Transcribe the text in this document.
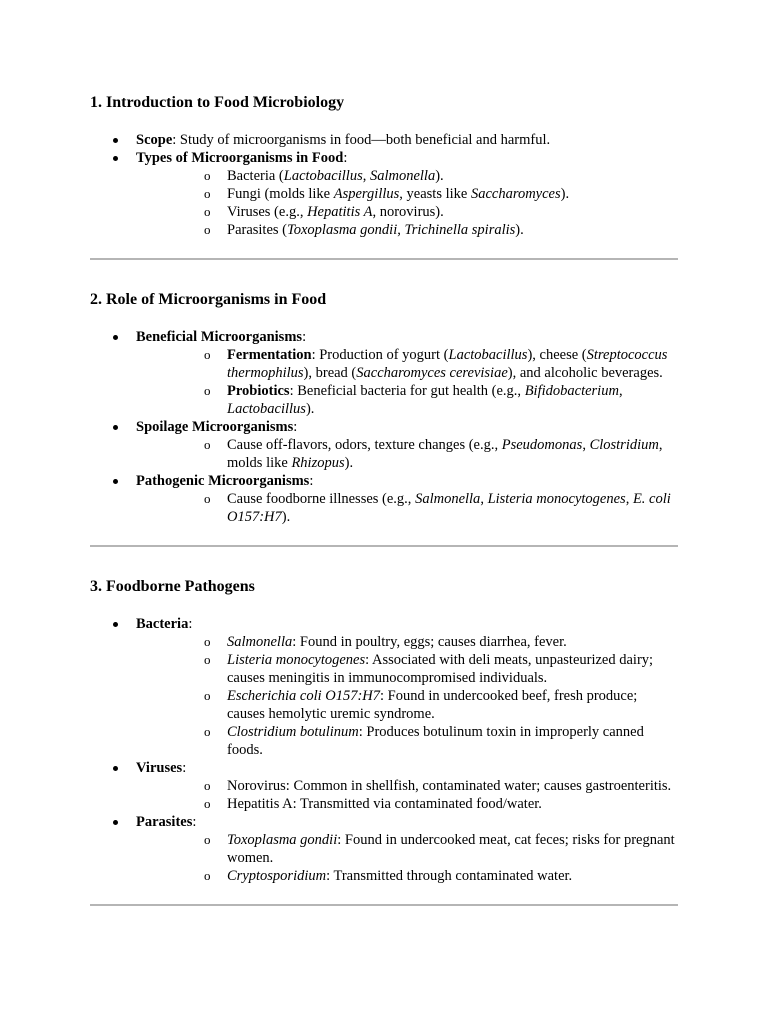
1. Introduction to Food Microbiology
Scope: Study of microorganisms in food—both beneficial and harmful.
Types of Microorganisms in Food:
o Bacteria (Lactobacillus, Salmonella).
o Fungi (molds like Aspergillus, yeasts like Saccharomyces).
o Viruses (e.g., Hepatitis A, norovirus).
o Parasites (Toxoplasma gondii, Trichinella spiralis).
2. Role of Microorganisms in Food
Beneficial Microorganisms:
o Fermentation: Production of yogurt (Lactobacillus), cheese (Streptococcus thermophilus), bread (Saccharomyces cerevisiae), and alcoholic beverages.
o Probiotics: Beneficial bacteria for gut health (e.g., Bifidobacterium, Lactobacillus).
Spoilage Microorganisms:
o Cause off-flavors, odors, texture changes (e.g., Pseudomonas, Clostridium, molds like Rhizopus).
Pathogenic Microorganisms:
o Cause foodborne illnesses (e.g., Salmonella, Listeria monocytogenes, E. coli O157:H7).
3. Foodborne Pathogens
Bacteria:
o Salmonella: Found in poultry, eggs; causes diarrhea, fever.
o Listeria monocytogenes: Associated with deli meats, unpasteurized dairy; causes meningitis in immunocompromised individuals.
o Escherichia coli O157:H7: Found in undercooked beef, fresh produce; causes hemolytic uremic syndrome.
o Clostridium botulinum: Produces botulinum toxin in improperly canned foods.
Viruses:
o Norovirus: Common in shellfish, contaminated water; causes gastroenteritis.
o Hepatitis A: Transmitted via contaminated food/water.
Parasites:
o Toxoplasma gondii: Found in undercooked meat, cat feces; risks for pregnant women.
o Cryptosporidium: Transmitted through contaminated water.
